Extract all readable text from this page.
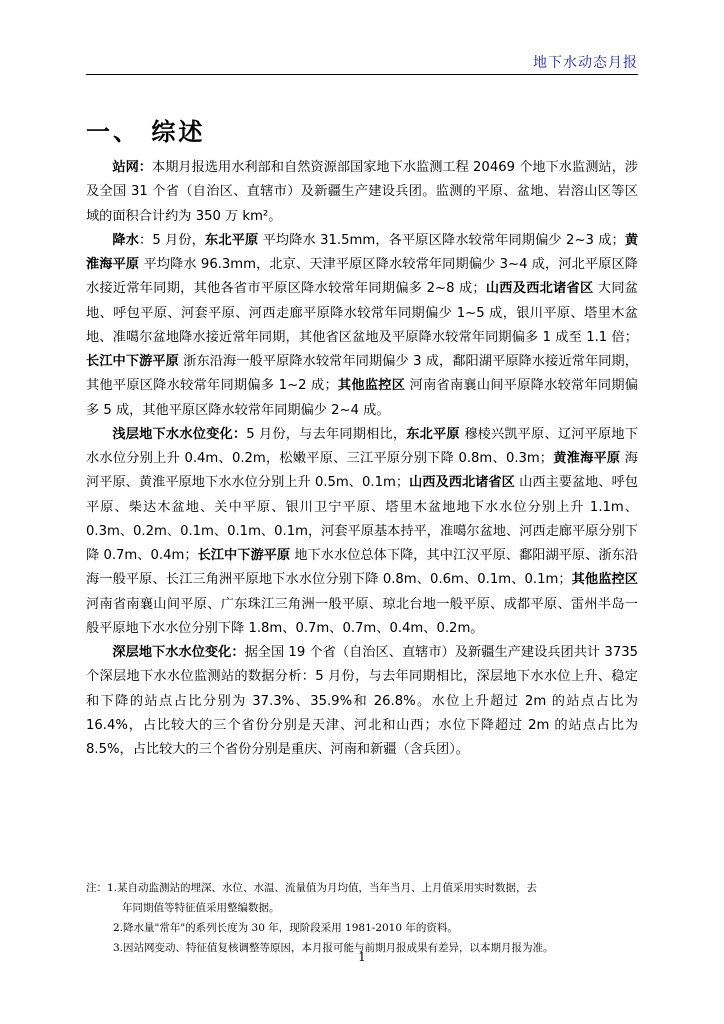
地下水动态月报
一、 综述

站网：本期月报选用水利部和自然资源部国家地下水监测工程 20469 个地下水监测站，涉及全国 31 个省（自治区、直辖市）及新疆生产建设兵团。监测的平原、盆地、岩溶山区等区域的面积合计约为 350 万 km²。

降水：5 月份，东北平原 平均降水 31.5mm，各平原区降水较常年同期偏少 2~3 成；黄淮海平原 平均降水 96.3mm，北京、天津平原区降水较常年同期偏少 3~4 成，河北平原区降水接近常年同期，其他各省市平原区降水较常年同期偏多 2~8 成；山西及西北诸省区 大同盆地、呼包平原、河套平原、河西走廊平原降水较常年同期偏少 1~5 成，银川平原、塔里木盆地、准噶尔盆地降水接近常年同期，其他省区盆地及平原降水较常年同期偏多 1 成至 1.1 倍；长江中下游平原 浙东沿海一般平原降水较常年同期偏少 3 成，鄱阳湖平原降水接近常年同期，其他平原区降水较常年同期偏多 1~2 成；其他监控区 河南省南襄山间平原降水较常年同期偏多 5 成，其他平原区降水较常年同期偏少 2~4 成。

浅层地下水水位变化：5 月份，与去年同期相比，东北平原 穆棱兴凯平原、辽河平原地下水水位分别上升 0.4m、0.2m，松嫩平原、三江平原分别下降 0.8m、0.3m；黄淮海平原 海河平原、黄淮平原地下水水位分别上升 0.5m、0.1m；山西及西北诸省区 山西主要盆地、呼包平原、柴达木盆地、关中平原、银川卫宁平原、塔里木盆地地下水水位分别上升 1.1m、0.3m、0.2m、0.1m、0.1m、0.1m，河套平原基本持平，准噶尔盆地、河西走廊平原分别下降 0.7m、0.4m；长江中下游平原 地下水水位总体下降，其中江汉平原、鄱阳湖平原、浙东沿海一般平原、长江三角洲平原地下水水位分别下降 0.8m、0.6m、0.1m、0.1m；其他监控区 河南省南襄山间平原、广东珠江三角洲一般平原、琼北台地一般平原、成都平原、雷州半岛一般平原地下水水位分别下降 1.8m、0.7m、0.7m、0.4m、0.2m。

深层地下水水位变化：据全国 19 个省（自治区、直辖市）及新疆生产建设兵团共计 3735 个深层地下水水位监测站的数据分析：5 月份，与去年同期相比，深层地下水水位上升、稳定和下降的站点占比分别为 37.3%、35.9%和 26.8%。水位上升超过 2m 的站点占比为 16.4%，占比较大的三个省份分别是天津、河北和山西；水位下降超过 2m 的站点占比为 8.5%，占比较大的三个省份分别是重庆、河南和新疆（含兵团）。

注：1.某自动监测站的埋深、水位、水温、流量值为月均值，当年当月、上月值采用实时数据，去
年同期值等特征值采用整编数据。
2.降水量"常年"的系列长度为 30 年，现阶段采用 1981-2010 年的资料。
3.因站网变动、特征值复核调整等原因，本月报可能与前期月报成果有差异，以本期月报为准。
1
